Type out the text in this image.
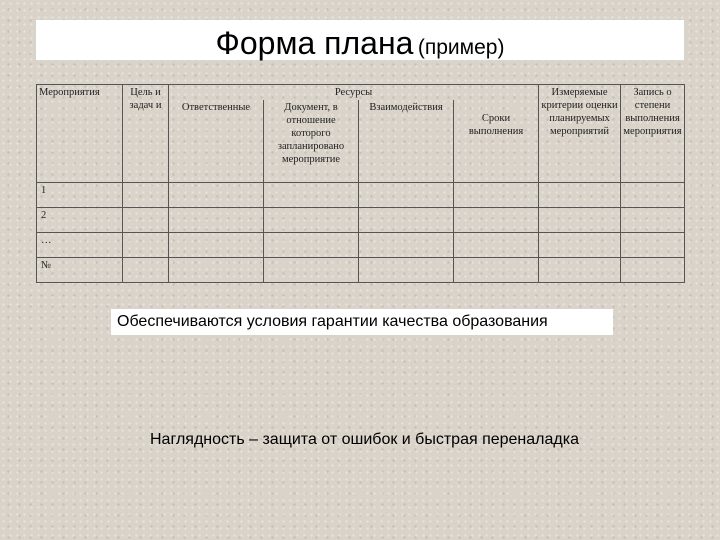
Форма плана (пример)
Мероприятия	Цель и задач и	Ресурсы				Измеряемые критерии оценки планируемых мероприятий	Запись о степени выполнения мероприятия
		Ответственные	Документ, в отношение которого запланировано мероприятие	Взаимодействия	Сроки выполнения		
1							
2							
…							
№							
Обеспечиваются условия гарантии качества образования
Наглядность – защита от ошибок и быстрая переналадка
